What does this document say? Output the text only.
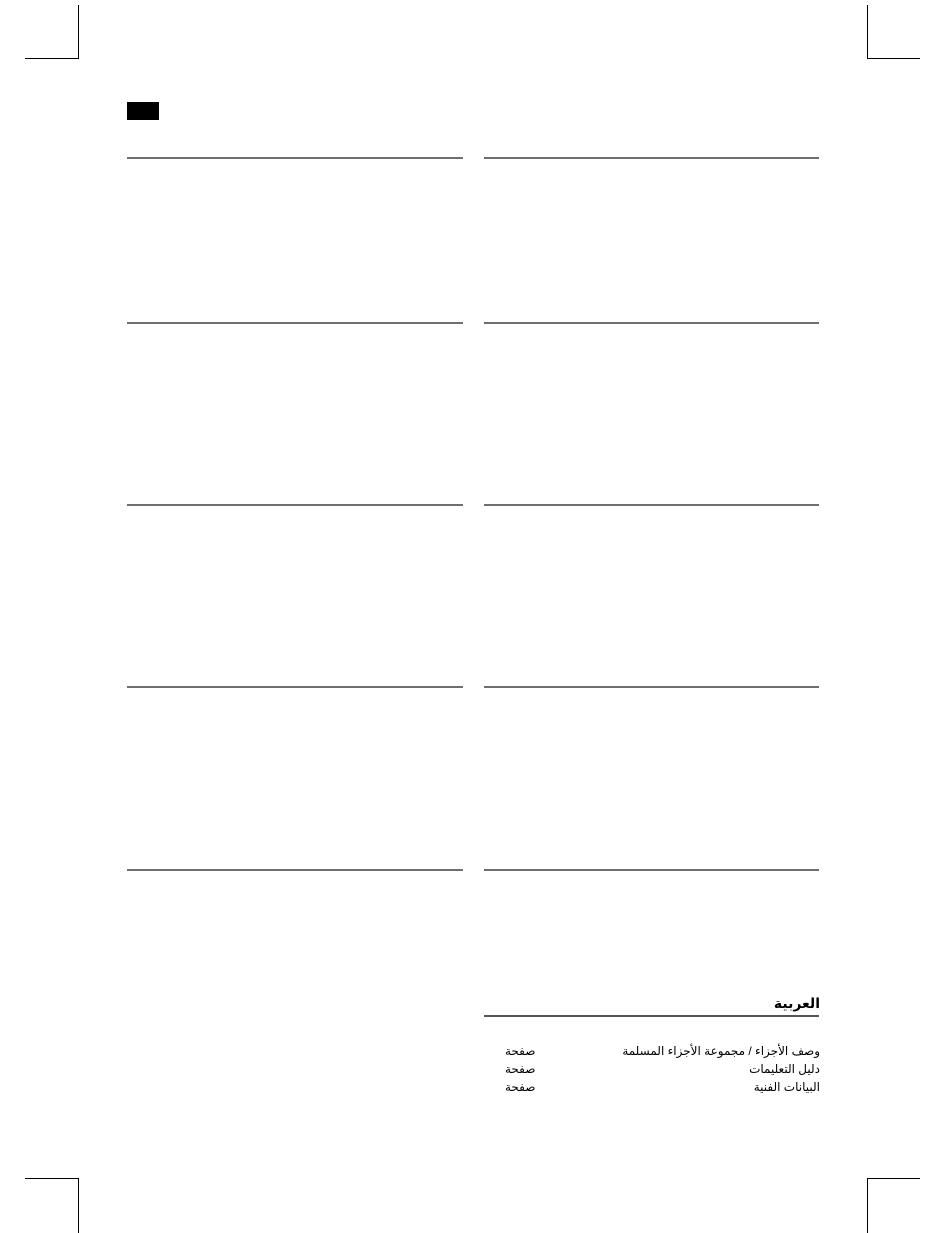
العربية
وصف الأجزاء / مجموعة الأجزاء المسلمة
صفحة
دليل التعليمات
صفحة
البيانات الفنية
صفحة
